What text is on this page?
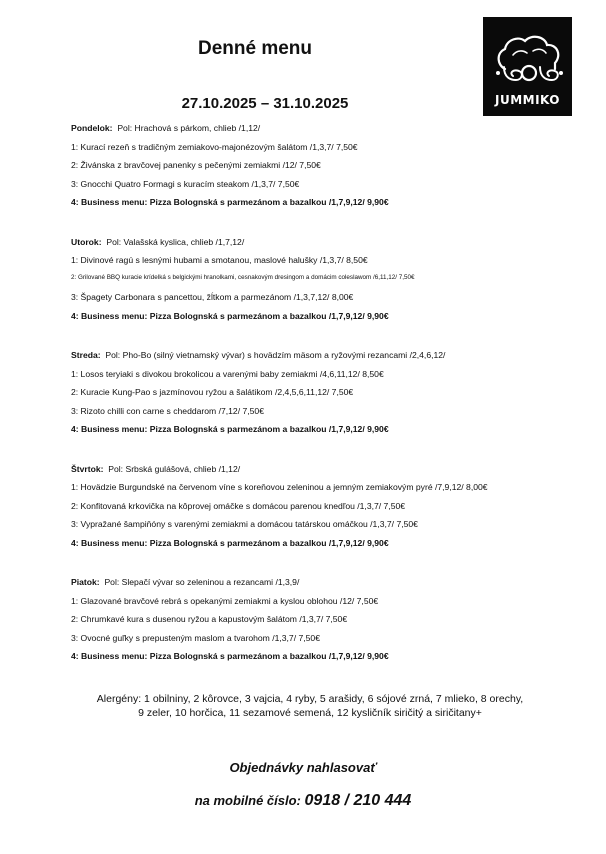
Denné menu
27.10.2025 – 31.10.2025	JUMMIKO
Pondelok: Pol: Hrachová s párkom, chlieb /1,12/
1: Kurací rezeň s tradičným zemiakovo-majonézovým šalátom /1,3,7/ 7,50€
2: Živánska z bravčovej panenky s pečenými zemiakmi /12/ 7,50€
3: Gnocchi Quatro Formagi s kuracím steakom /1,3,7/ 7,50€
4: Business menu: Pizza Bolognská s parmezánom a bazalkou /1,7,9,12/ 9,90€
Utorok: Pol: Valašská kyslica, chlieb /1,7,12/
1: Divinové ragú s lesnými hubami a smotanou, maslové halušky /1,3,7/ 8,50€
2: Grilované BBQ kuracie krídelká s belgickými hranolkami, cesnakovým dresingom a domácim coleslawom /6,11,12/ 7,50€
3: Špagety Carbonara s pancettou, žĺtkom a parmezánom /1,3,7,12/ 8,00€
4: Business menu: Pizza Bolognská s parmezánom a bazalkou /1,7,9,12/ 9,90€
Streda: Pol: Pho-Bo (silný vietnamský vývar) s hovädzím mäsom a ryžovými rezancami /2,4,6,12/
1: Losos teryiaki s divokou brokolicou a varenými baby zemiakmi /4,6,11,12/ 8,50€
2: Kuracie Kung-Pao s jazmínovou ryžou a šalátikom /2,4,5,6,11,12/ 7,50€
3: Rizoto chilli con carne s cheddarom /7,12/ 7,50€
4: Business menu: Pizza Bolognská s parmezánom a bazalkou /1,7,9,12/ 9,90€
Štvrtok: Pol: Srbská gulášová, chlieb /1,12/
1: Hovädzie Burgundské na červenom víne s koreňovou zeleninou a jemným zemiakovým pyré /7,9,12/ 8,00€
2: Konfitovaná krkovička na kôprovej omáčke s domácou parenou knedľou /1,3,7/ 7,50€
3: Vypražané šampiňóny s varenými zemiakmi a domácou tatárskou omáčkou /1,3,7/ 7,50€
4: Business menu: Pizza Bolognská s parmezánom a bazalkou /1,7,9,12/ 9,90€
Piatok: Pol: Slepačí vývar so zeleninou a rezancami /1,3,9/
1: Glazované bravčové rebrá s opekanými zemiakmi a kyslou oblohou /12/ 7,50€
2: Chrumkavé kura s dusenou ryžou a kapustovým šalátom /1,3,7/ 7,50€
3: Ovocné guľky s prepusteným maslom a tvarohom /1,3,7/ 7,50€
4: Business menu: Pizza Bolognská s parmezánom a bazalkou /1,7,9,12/ 9,90€
Alergény: 1 obilniny, 2 kôrovce, 3 vajcia, 4 ryby, 5 arašidy, 6 sójové zrná, 7 mlieko, 8 orechy,
9 zeler, 10 horčica, 11 sezamové semená, 12 kysličník siričitý a siričitany+
Objednávky nahlasovať
na mobilné číslo: 0918 / 210 444
